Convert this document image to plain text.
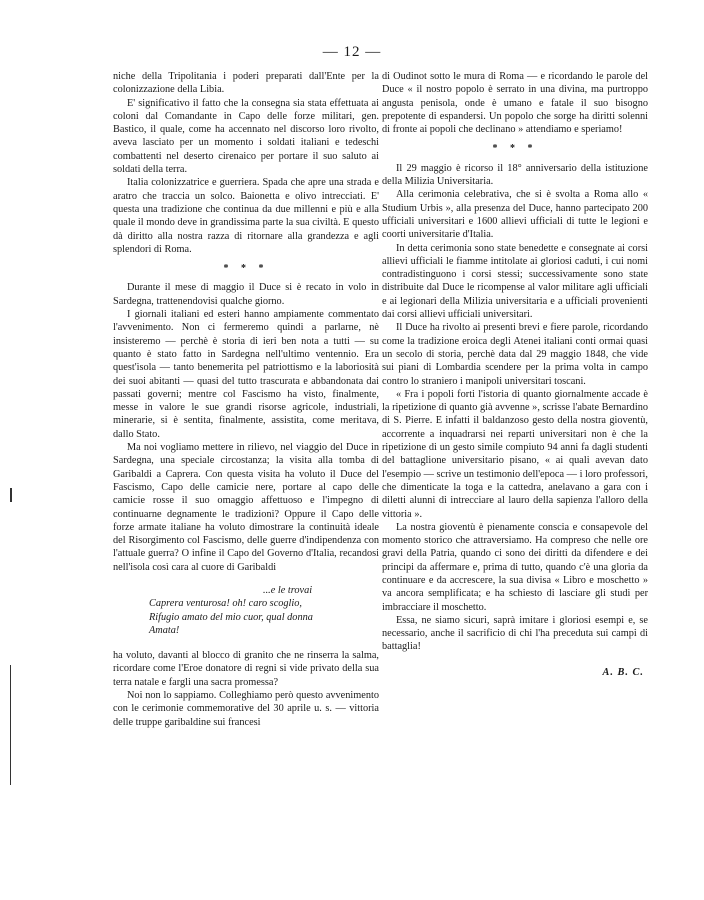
— 12 —

niche della Tripolitania i poderi preparati dall'Ente per la colonizzazione della Libia.

E' significativo il fatto che la consegna sia stata effettuata ai coloni dal Comandante in Capo delle forze militari, gen. Bastico, il quale, come ha accennato nel discorso loro rivolto, aveva lasciato per un momento i soldati italiani e tedeschi combattenti nel deserto cirenaico per portare il suo saluto ai soldati della terra.

Italia colonizzatrice e guerriera. Spada che apre una strada e aratro che traccia un solco. Baionetta e olivo intrecciati. E' questa una tradizione che continua da due millenni e più e alla quale il mondo deve in grandissima parte la sua civiltà. E questo dà diritto alla nostra razza di ritornare alla grandezza e agli splendori di Roma.

* * *

Durante il mese di maggio il Duce si è recato in volo in Sardegna, trattenendovisi qualche giorno.

I giornali italiani ed esteri hanno ampiamente commentato l'avvenimento. Non ci fermeremo quindi a parlarne, nè insisteremo — perchè è storia di ieri ben nota a tutti — su quanto è stato fatto in Sardegna nell'ultimo ventennio. Era quest'isola — tanto benemerita pel patriottismo e la laboriosità dei suoi abitanti — quasi del tutto trascurata e abbandonata dai passati governi; mentre col Fascismo ha visto, finalmente, messe in valore le sue grandi risorse agricole, industriali, minerarie, si è sentita, finalmente, assistita, come meritava, dallo Stato.

Ma noi vogliamo mettere in rilievo, nel viaggio del Duce in Sardegna, una speciale circostanza; la visita alla tomba di Garibaldi a Caprera. Con questa visita ha voluto il Duce del Fascismo, Capo delle camicie nere, portare al capo delle camicie rosse il suo omaggio affettuoso e l'impegno di continuarne degnamente le tradizioni? Oppure il Capo delle forze armate italiane ha voluto dimostrare la continuità ideale del Risorgimento col Fascismo, delle guerre d'indipendenza con l'attuale guerra? O infine il Capo del Governo d'Italia, recandosi nell'isola così cara al cuore di Garibaldi

...e le trovai
Caprera venturosa! oh! caro scoglio,
Rifugio amato del mio cuor, qual donna
Amata!

ha voluto, davanti al blocco di granito che ne rinserra la salma, ricordare come l'Eroe donatore di regni si vide privato della sua terra natale e fargli una sacra promessa?

Noi non lo sappiamo. Colleghiamo però questo avvenimento con le cerimonie commemorative del 30 aprile u. s. — vittoria delle truppe garibaldine sui francesi

di Oudinot sotto le mura di Roma — e ricordando le parole del Duce « il nostro popolo è serrato in una divina, ma purtroppo angusta penisola, onde è umano e fatale il suo bisogno prepotente di espandersi. Un popolo che sorge ha diritti solenni di fronte ai popoli che declinano » attendiamo e speriamo!

* * *

Il 29 maggio è ricorso il 18° anniversario della istituzione della Milizia Universitaria.

Alla cerimonia celebrativa, che si è svolta a Roma allo « Studium Urbis », alla presenza del Duce, hanno partecipato 200 ufficiali universitari e 1600 allievi ufficiali di tutte le legioni e coorti universitarie d'Italia.

In detta cerimonia sono state benedette e consegnate ai corsi allievi ufficiali le fiamme intitolate ai gloriosi caduti, i cui nomi contradistinguono i corsi stessi; successivamente sono state distribuite dal Duce le ricompense al valor militare agli ufficiali e ai legionari della Milizia universitaria e a ufficiali provenienti dai corsi allievi ufficiali universitari.

Il Duce ha rivolto ai presenti brevi e fiere parole, ricordando come la tradizione eroica degli Atenei italiani conti ormai quasi un secolo di storia, perchè data dal 29 maggio 1848, che vide sui piani di Lombardia scendere per la prima volta in campo contro lo straniero i manipoli universitari toscani.

« Fra i popoli forti l'istoria di quanto giornalmente accade è la ripetizione di quanto già avvenne », scrisse l'abate Bernardino di S. Pierre. E infatti il baldanzoso gesto della nostra gioventù, accorrente a inquadrarsi nei reparti universitari non è che la ripetizione di un gesto simile compiuto 94 anni fa dagli studenti del battaglione universitario pisano, « ai quali avevan dato l'esempio — scrive un testimonio dell'epoca — i loro professori, che dimenticate la toga e la cattedra, anelavano a gara con i diletti alunni di intrecciare al lauro della sapienza l'alloro della vittoria ».

La nostra gioventù è pienamente conscia e consapevole del momento storico che attraversiamo. Ha compreso che nelle ore gravi della Patria, quando ci sono dei diritti da difendere e dei principi da affermare e, prima di tutto, quando c'è una gloria da continuare e da accrescere, la sua divisa « Libro e moschetto » va ancora semplificata; e ha schiesto di lasciare gli studi per imbracciare il moschetto.

Essa, ne siamo sicuri, saprà imitare i gloriosi esempi e, se necessario, anche il sacrificio di chi l'ha preceduta sui campi di battaglia!

A. B. C.
